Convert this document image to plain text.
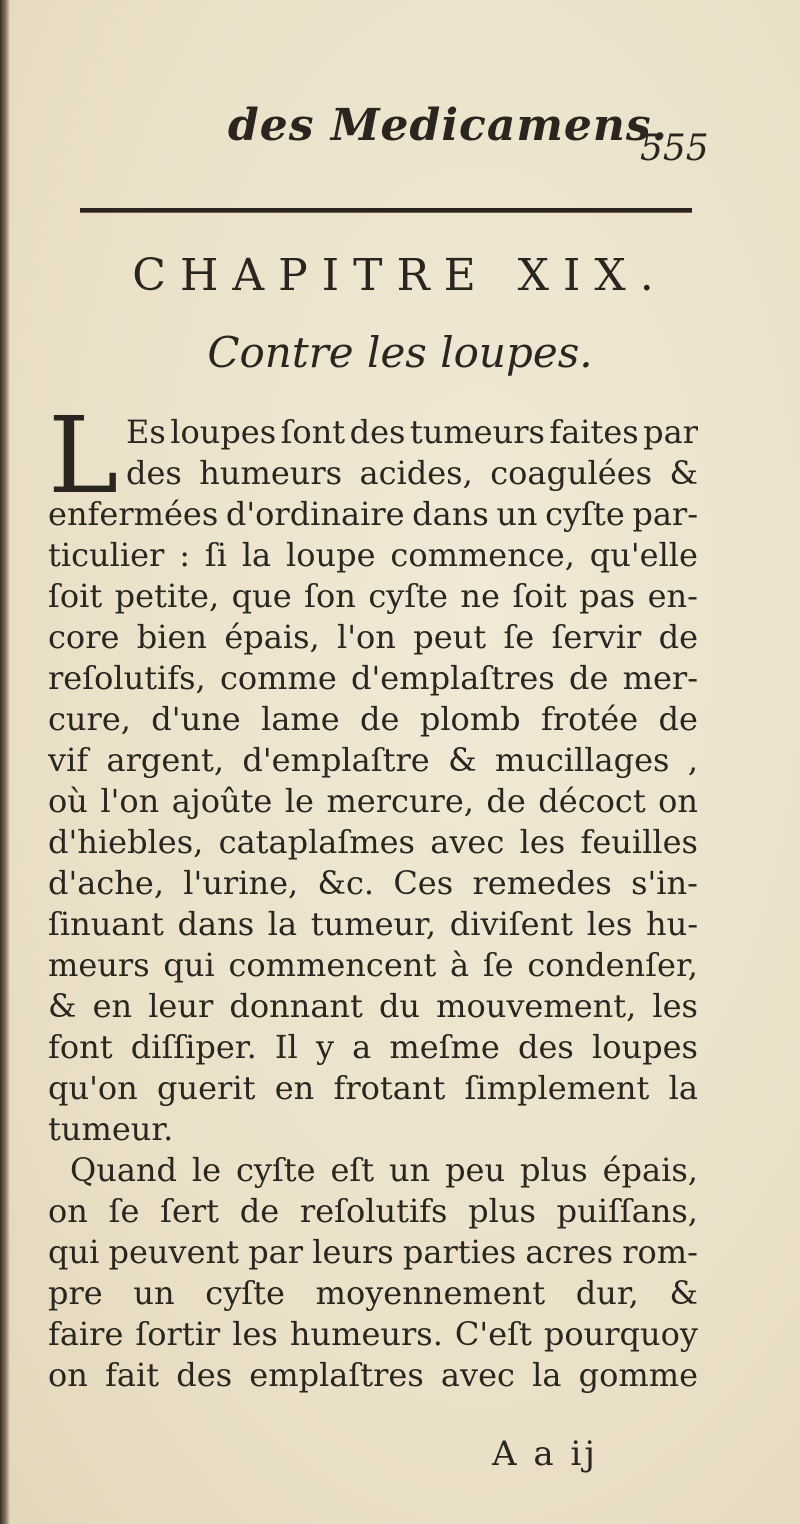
des Medicamens.
555
CHAPITRE XIX.
Contre les loupes.
L Es loupes ſont des tumeurs faites par
des humeurs acides, coagulées &
enfermées d'ordinaire dans un cyſte par-
ticulier : ſi la loupe commence, qu'elle
ſoit petite, que ſon cyſte ne ſoit pas en-
core bien épais, l'on peut ſe ſervir de
reſolutifs, comme d'emplaſtres de mer-
cure, d'une lame de plomb frotée de
vif argent, d'emplaſtre & mucillages ,
où l'on ajoûte le mercure, de décoct on
d'hiebles, cataplaſmes avec les feuilles
d'ache, l'urine, &c. Ces remedes s'in-
ſinuant dans la tumeur, diviſent les hu-
meurs qui commencent à ſe condenſer,
& en leur donnant du mouvement, les
font diſſiper. Il y a meſme des loupes
qu'on guerit en frotant ſimplement la
tumeur.
Quand le cyſte eſt un peu plus épais,
on ſe ſert de reſolutifs plus puiſſans,
qui peuvent par leurs parties acres rom-
pre un cyſte moyennement dur, &
faire ſortir les humeurs. C'eſt pourquoy
on fait des emplaſtres avec la gomme
A a ij
